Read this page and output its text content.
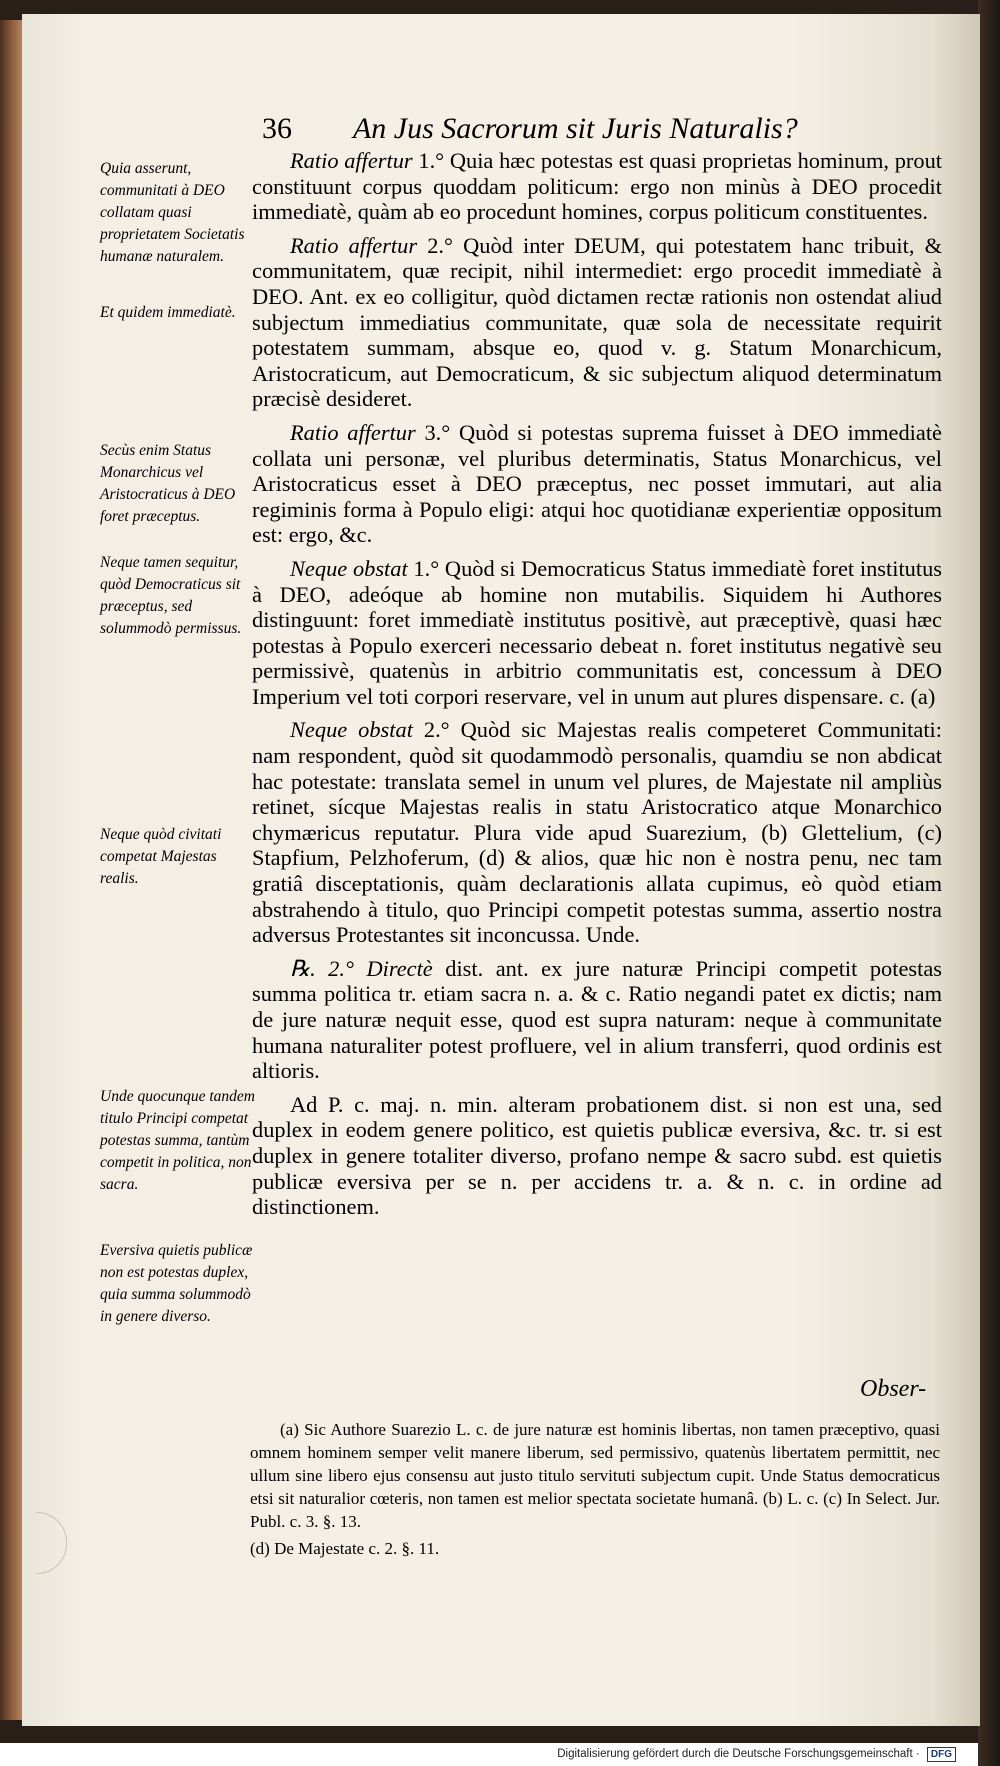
36 An Jus Sacrorum sit Juris Naturalis?
Quia asserunt, communitati à DEO collatam quasi proprietatem Societatis humanæ naturalem.
Et quidem immediatè.
Secùs enim Status Monarchicus vel Aristocraticus à DEO foret præceptus.
Neque tamen sequitur, quòd Democraticus sit præceptus, sed solummodò permissus.
Neque quòd civitati competat Majestas realis.
Unde quocunque tandem titulo Principi competat potestas summa, tantùm competit in politica, non sacra.
Eversiva quietis publicæ non est potestas duplex, quia summa solummodò in genere diverso.

Ratio affertur 1.° Quia hæc potestas est quasi proprietas hominum, prout constituunt corpus quoddam politicum: ergo non minùs à DEO procedit immediatè, quàm ab eo procedunt homines, corpus politicum constituentes.

Ratio affertur 2.° Quòd inter DEUM, qui potestatem hanc tribuit, & communitatem, quæ recipit, nihil intermediet: ergo procedit immediatè à DEO. Ant. ex eo colligitur, quòd dictamen rectæ rationis non ostendat aliud subjectum immediatius communitate, quæ sola de necessitate requirit potestatem summam, absque eo, quod v. g. Statum Monarchicum, Aristocraticum, aut Democraticum, & sic subjectum aliquod determinatum præcisè desideret.

Ratio affertur 3.° Quòd si potestas suprema fuisset à DEO immediatè collata uni personæ, vel pluribus determinatis, Status Monarchicus, vel Aristocraticus esset à DEO præceptus, nec posset immutari, aut alia regiminis forma à Populo eligi: atqui hoc quotidianæ experientiæ oppositum est: ergo, &c.

Neque obstat 1.° Quòd si Democraticus Status immediatè foret institutus à DEO, adeóque ab homine non mutabilis. Siquidem hi Authores distinguunt: foret immediatè institutus positivè, aut præceptivè, quasi hæc potestas à Populo exerceri necessario debeat n. foret institutus negativè seu permissivè, quatenùs in arbitrio communitatis est, concessum à DEO Imperium vel toti corpori reservare, vel in unum aut plures dispensare. c. (a)

Neque obstat 2.° Quòd sic Majestas realis competeret Communitati: nam respondent, quòd sit quodammodò personalis, quamdiu se non abdicat hac potestate: translata semel in unum vel plures, de Majestate nil ampliùs retinet, sícque Majestas realis in statu Aristocratico atque Monarchico chymæricus reputatur. Plura vide apud Suarezium, (b) Glettelium, (c) Stapfium, Pelzhoferum, (d) & alios, quæ hic non è nostra penu, nec tam gratiâ disceptationis, quàm declarationis allata cupimus, eò quòd etiam abstrahendo à titulo, quo Principi competit potestas summa, assertio nostra adversus Protestantes sit inconcussa. Unde.

℞. 2.° Directè dist. ant. ex jure naturæ Principi competit potestas summa politica tr. etiam sacra n. a. & c. Ratio negandi patet ex dictis; nam de jure naturæ nequit esse, quod est supra naturam: neque à communitate humana naturaliter potest profluere, vel in alium transferri, quod ordinis est altioris.

Ad P. c. maj. n. min. alteram probationem dist. si non est una, sed duplex in eodem genere politico, est quietis publicæ eversiva, &c. tr. si est duplex in genere totaliter diverso, profano nempe & sacro subd. est quietis publicæ eversiva per se n. per accidens tr. a. & n. c. in ordine ad distinctionem.

Obser-

(a) Sic Authore Suarezio L. c. de jure naturæ est hominis libertas, non tamen præceptivo, quasi omnem hominem semper velit manere liberum, sed permissivo, quatenùs libertatem permittit, nec ullum sine libero ejus consensu aut justo titulo servituti subjectum cupit. Unde Status democraticus etsi sit naturalior cœteris, non tamen est melior spectata societate humanâ. (b) L. c. (c) In Select. Jur. Publ. c. 3. §. 13.

(d) De Majestate c. 2. §. 11.

Digitalisierung gefördert durch die Deutsche Forschungsgemeinschaft · DFG
